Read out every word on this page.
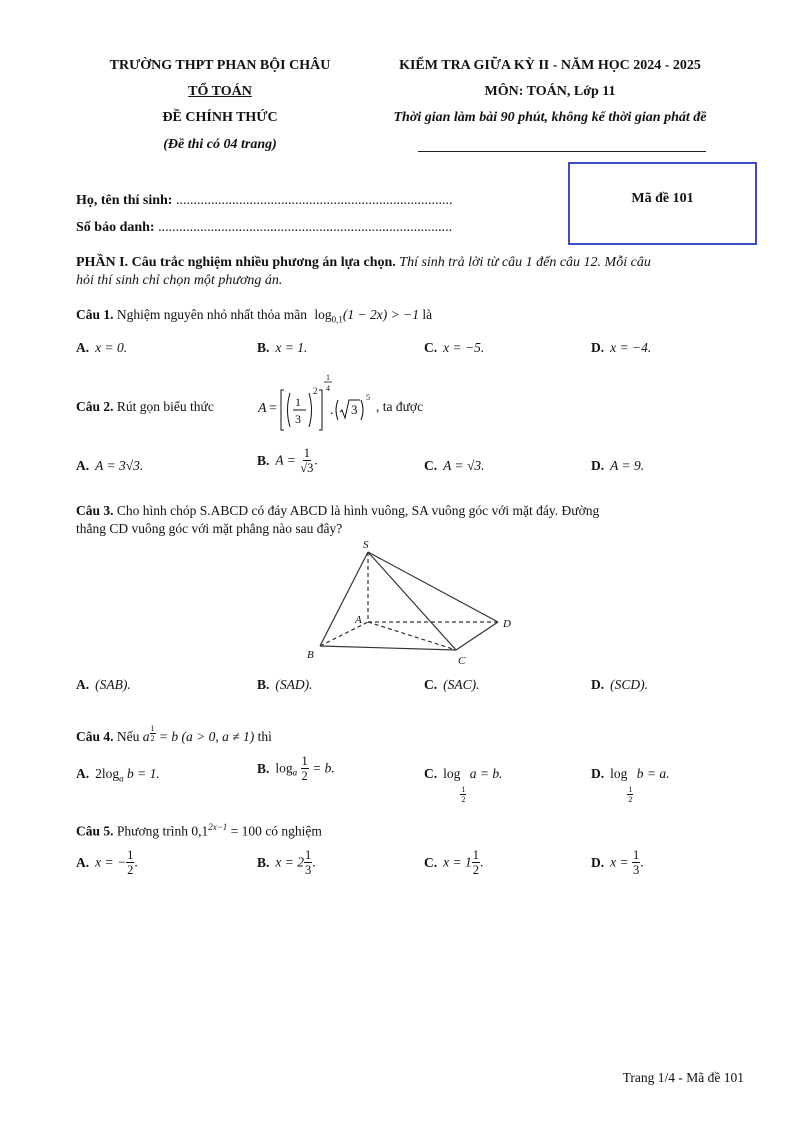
TRƯỜNG THPT PHAN BỘI CHÂU
TỔ TOÁN
ĐỀ CHÍNH THỨC
(Đề thi có 04 trang)
KIỂM TRA GIỮA KỲ II - NĂM HỌC 2024 - 2025
MÔN: TOÁN, Lớp 11
Thời gian làm bài 90 phút, không kể thời gian phát đề
Họ, tên thí sinh: ...............................................................................
Số báo danh: ....................................................................................
Mã đề 101
PHẦN I. Câu trắc nghiệm nhiều phương án lựa chọn. Thí sinh trả lời từ câu 1 đến câu 12. Mỗi câu
hỏi thí sinh chỉ chọn một phương án.
Câu 1. Nghiệm nguyên nhỏ nhất thỏa mãn $\log_{0,1}(1 - 2x) > -1$ là
A. x = 0.	B. x = 1.	C. x = −5.	D. x = −4.
Câu 2. Rút gọn biểu thức	A = 1
3
2
1
4
. 3
5
, ta được
A. A = 3√3.	B. $A = \frac{1}{√3}$ .	C. A = √3.	D. A = 9.
Câu 3. Cho hình chóp S.ABCD có đáy ABCD là hình vuông, SA vuông góc với mặt đáy. Đường
thẳng CD vuông góc với mặt phẳng nào sau đây?
S
A
B	C
D
A. (SAB).	B. (SAD).	C. (SAC).	D. (SCD).
Câu 4. Nếu a $^{\frac{1}{2}}$ = b (a > 0, a ≠ 1) thì
A. $2\log_a$ b = 1.	B. $\log_a \frac{1}{2} = b$.	C. log
$_{\frac{1}{2}}$
a = b.	D. log
$_{\frac{1}{2}}$
b = a.
Câu 5. Phương trình $0,1^{2x-1} = 100$ có nghiệm
A. x = − $\frac{1}{2}$ .	B. $x = 2 \frac{1}{3}$ .	C. $x = 1 \frac{1}{2}$ .	D. $x = \frac{1}{3}$ .
Trang 1/4 - Mã đề 101
